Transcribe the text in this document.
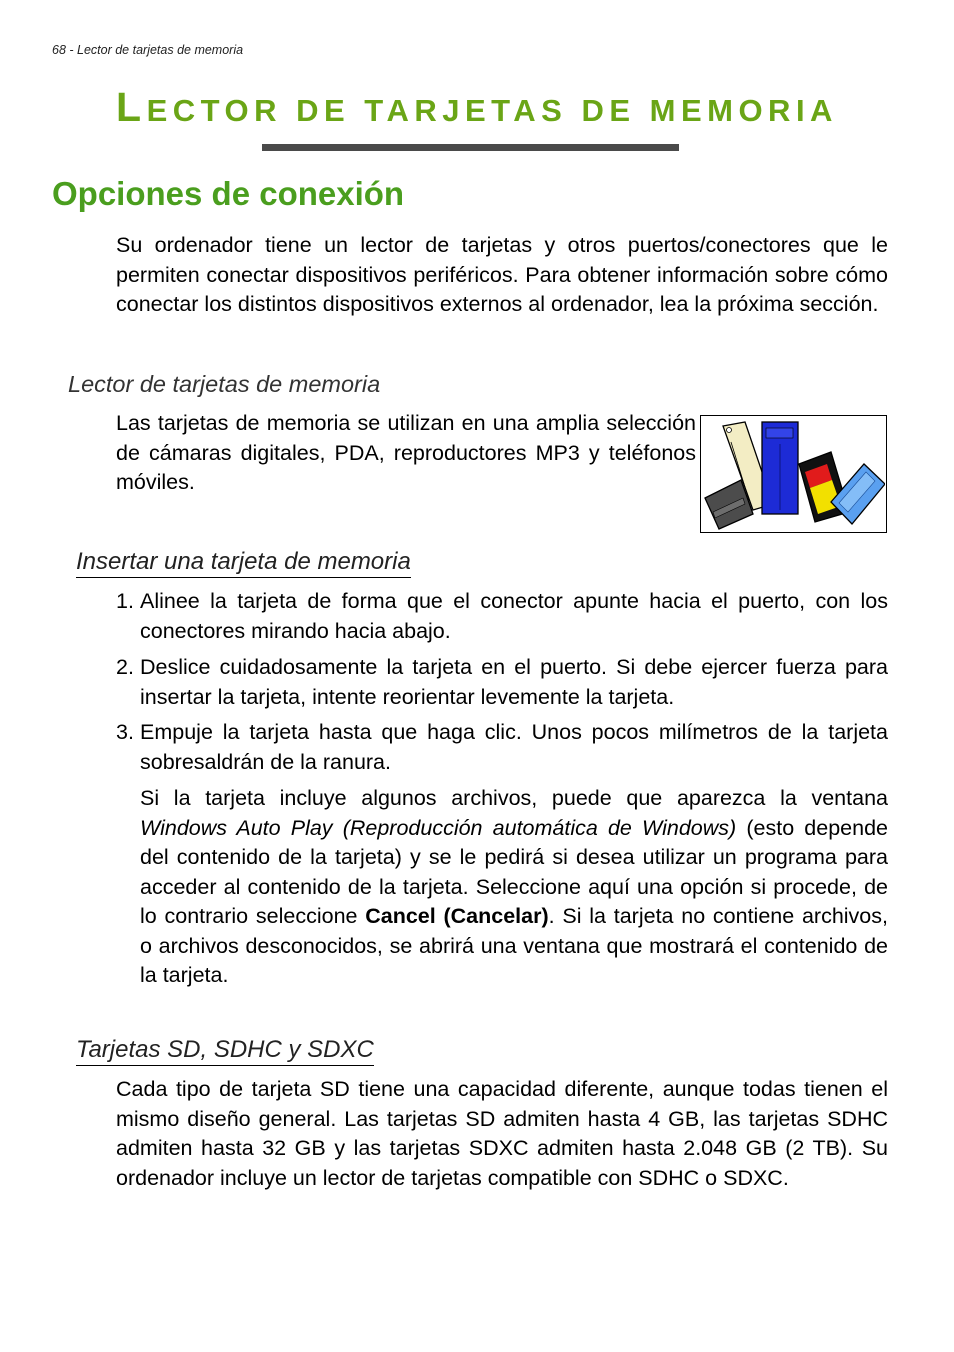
68 - Lector de tarjetas de memoria
LECTOR DE TARJETAS DE MEMORIA
Opciones de conexión
Su ordenador tiene un lector de tarjetas y otros puertos/conectores que le permiten conectar dispositivos periféricos. Para obtener información sobre cómo conectar los distintos dispositivos externos al ordenador, lea la próxima sección.
Lector de tarjetas de memoria
Las tarjetas de memoria se utilizan en una amplia selección de cámaras digitales, PDA, reproductores MP3 y teléfonos móviles.
Insertar una tarjeta de memoria
1. Alinee la tarjeta de forma que el conector apunte hacia el puerto, con los conectores mirando hacia abajo.
2. Deslice cuidadosamente la tarjeta en el puerto. Si debe ejercer fuerza para insertar la tarjeta, intente reorientar levemente la tarjeta.
3. Empuje la tarjeta hasta que haga clic. Unos pocos milímetros de la tarjeta sobresaldrán de la ranura.
Si la tarjeta incluye algunos archivos, puede que aparezca la ventana Windows Auto Play (Reproducción automática de Windows) (esto depende del contenido de la tarjeta) y se le pedirá si desea utilizar un programa para acceder al contenido de la tarjeta. Seleccione aquí una opción si procede, de lo contrario seleccione Cancel (Cancelar). Si la tarjeta no contiene archivos, o archivos desconocidos, se abrirá una ventana que mostrará el contenido de la tarjeta.
Tarjetas SD, SDHC y SDXC
Cada tipo de tarjeta SD tiene una capacidad diferente, aunque todas tienen el mismo diseño general. Las tarjetas SD admiten hasta 4 GB, las tarjetas SDHC admiten hasta 32 GB y las tarjetas SDXC admiten hasta 2.048 GB (2 TB). Su ordenador incluye un lector de tarjetas compatible con SDHC o SDXC.
